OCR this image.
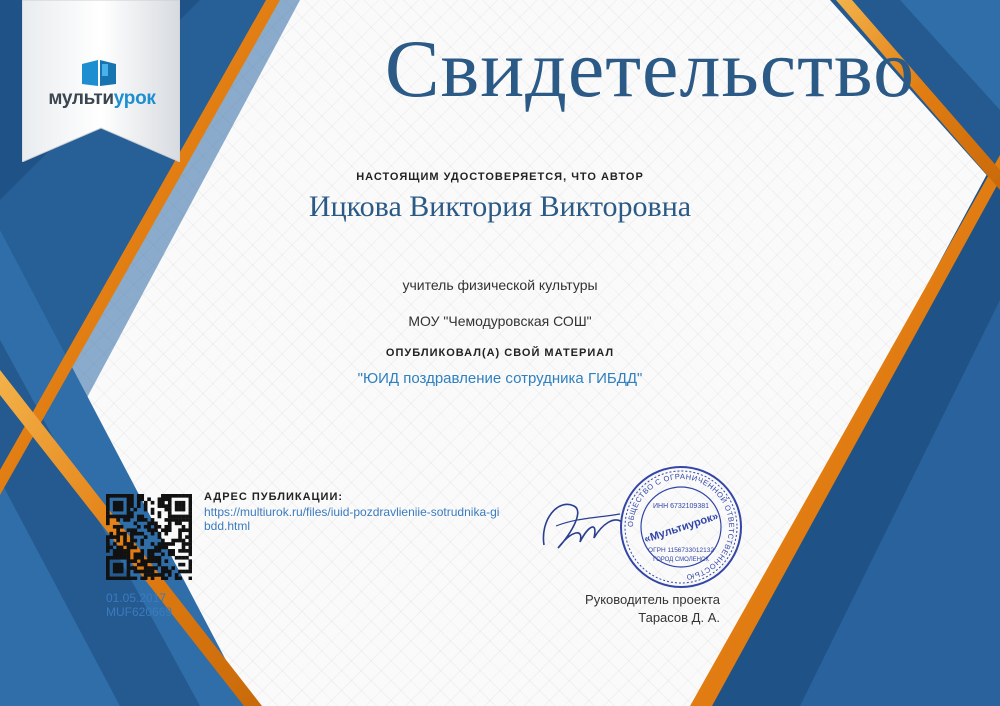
мультиурок	Свидетельство
НАСТОЯЩИМ УДОСТОВЕРЯЕТСЯ, ЧТО АВТОР
Ицкова Виктория Викторовна
учитель физической культуры
МОУ "Чемодуровская СОШ"
ОПУБЛИКОВАЛ(А) СВОЙ МАТЕРИАЛ
"ЮИД поздравление сотрудника ГИБДД"
АДРЕС ПУБЛИКАЦИИ:
https://multiurok.ru/files/iuid-pozdravlieniie-sotrudnika-gibdd.html
01.05.2017
MUF620669
ОБЩЕСТВО С ОГРАНИЧЕННОЙ ОТВЕТСТВЕННОСТЬЮ
ИНН 6732109381
«Мультиурок»
ОГРН 1156733012132
ГОРОД СМОЛЕНСК
Руководитель проекта
Тарасов Д. А.
